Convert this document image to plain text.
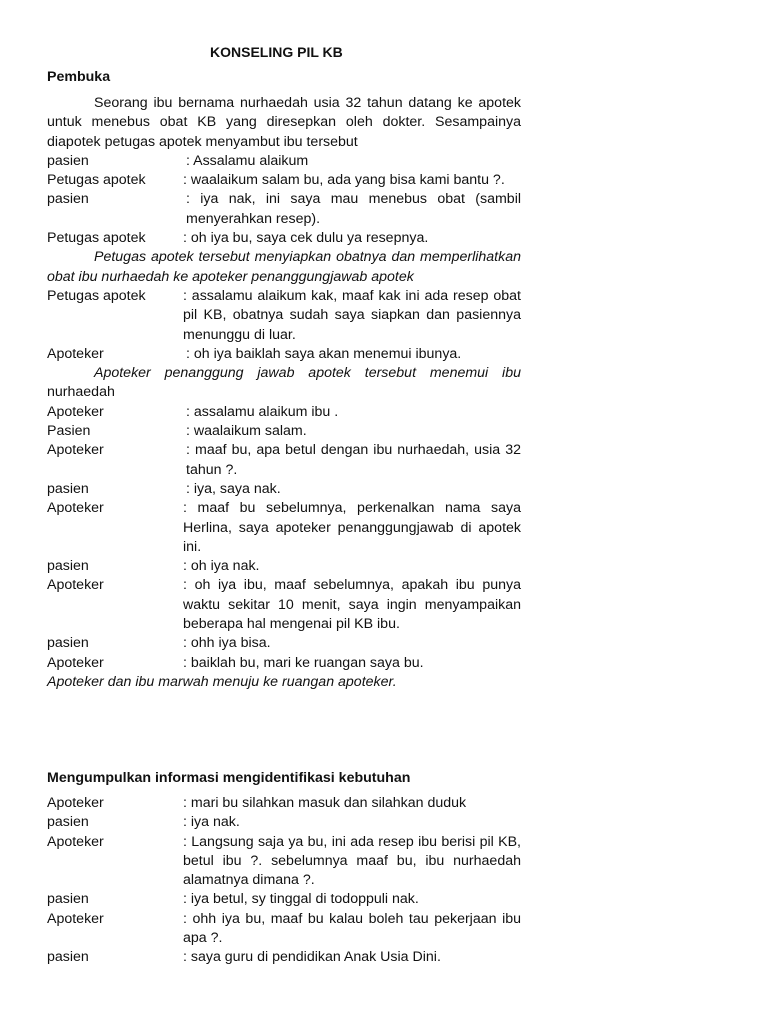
KONSELING PIL KB
Pembuka

Seorang ibu bernama nurhaedah usia 32 tahun datang ke apotek untuk menebus obat KB yang diresepkan oleh dokter. Sesampainya diapotek petugas apotek menyambut ibu tersebut

pasien	: Assalamu alaikum
Petugas apotek	: waalaikum salam bu, ada yang bisa kami bantu ?.
pasien	: iya nak, ini saya mau menebus obat (sambil menyerahkan resep).
Petugas apotek	: oh iya bu, saya cek dulu ya resepnya.

Petugas apotek tersebut menyiapkan obatnya dan memperlihatkan obat ibu nurhaedah ke apoteker penanggungjawab apotek

Petugas apotek	: assalamu alaikum kak, maaf kak ini ada resep obat pil KB, obatnya sudah saya siapkan dan pasiennya menunggu di luar.
Apoteker	: oh iya baiklah saya akan menemui ibunya.

Apoteker penanggung jawab apotek tersebut menemui ibu nurhaedah

Apoteker	: assalamu alaikum ibu .
Pasien	: waalaikum salam.
Apoteker	: maaf bu, apa betul dengan ibu nurhaedah, usia 32 tahun ?.
pasien	: iya, saya nak.
Apoteker	: maaf bu sebelumnya, perkenalkan nama saya Herlina, saya apoteker penanggungjawab di apotek ini.
pasien	: oh iya nak.
Apoteker	: oh iya ibu, maaf sebelumnya, apakah ibu punya waktu sekitar 10 menit, saya ingin menyampaikan beberapa hal mengenai pil KB ibu.
pasien	: ohh iya bisa.
Apoteker	: baiklah bu, mari ke ruangan saya bu.

Apoteker dan ibu marwah menuju ke ruangan apoteker.

Mengumpulkan informasi mengidentifikasi kebutuhan
Apoteker	: mari bu silahkan masuk dan silahkan duduk
pasien	: iya nak.
Apoteker	: Langsung saja ya bu, ini ada resep ibu berisi pil KB, betul ibu ?. sebelumnya maaf bu, ibu nurhaedah alamatnya dimana ?.
pasien	: iya betul, sy tinggal di todoppuli nak.
Apoteker	: ohh iya bu, maaf bu kalau boleh tau pekerjaan ibu apa ?.
pasien	: saya guru di pendidikan Anak Usia Dini.
